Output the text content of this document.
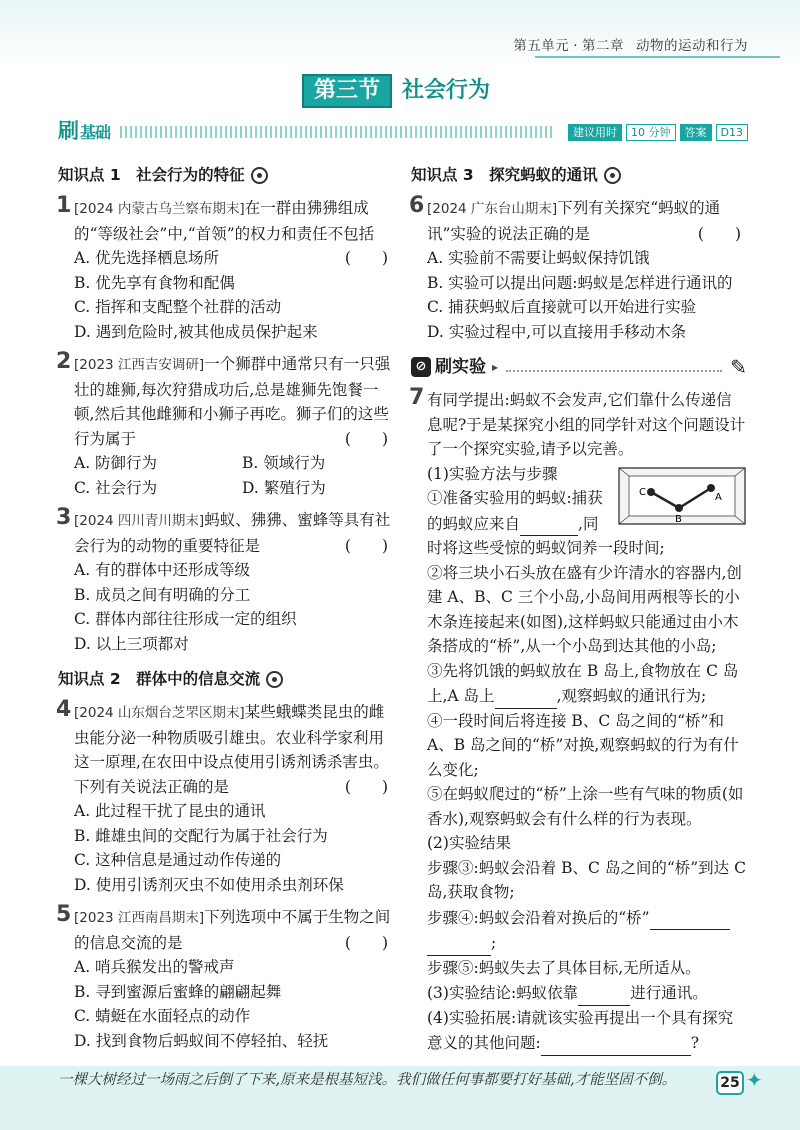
第五单元 · 第二章 动物的运动和行为
第三节	社会行为
刷 基础	建议用时	10 分钟	答案	D13
知识点 1　社会行为的特征
1 [2024 内蒙古乌兰察布期末]在一群由狒狒组成的“等级社会”中,“首领”的权力和责任不包括
(　　)
A. 优先选择栖息场所
B. 优先享有食物和配偶
C. 指挥和支配整个社群的活动
D. 遇到危险时,被其他成员保护起来
2 [2023 江西吉安调研]一个狮群中通常只有一只强壮的雄狮,每次狩猎成功后,总是雄狮先饱餐一顿,然后其他雌狮和小狮子再吃。狮子们的这些行为属于	(　　)
A. 防御行为	B. 领域行为
C. 社会行为	D. 繁殖行为
3 [2024 四川青川期末]蚂蚁、狒狒、蜜蜂等具有社会行为的动物的重要特征是	(　　)
A. 有的群体中还形成等级
B. 成员之间有明确的分工
C. 群体内部往往形成一定的组织
D. 以上三项都对
知识点 2　群体中的信息交流
4 [2024 山东烟台芝罘区期末]某些蛾蝶类昆虫的雌虫能分泌一种物质吸引雄虫。农业科学家利用这一原理,在农田中设点使用引诱剂诱杀害虫。下列有关说法正确的是	(　　)
A. 此过程干扰了昆虫的通讯
B. 雌雄虫间的交配行为属于社会行为
C. 这种信息是通过动作传递的
D. 使用引诱剂灭虫不如使用杀虫剂环保
5 [2023 江西南昌期末]下列选项中不属于生物之间的信息交流的是	(　　)
A. 哨兵猴发出的警戒声
B. 寻到蜜源后蜜蜂的翩翩起舞
C. 蜻蜓在水面轻点的动作
D. 找到食物后蚂蚁间不停轻拍、轻抚
知识点 3　探究蚂蚁的通讯
6 [2024 广东台山期末]下列有关探究“蚂蚁的通讯”实验的说法正确的是	(　　)
A. 实验前不需要让蚂蚁保持饥饿
B. 实验可以提出问题:蚂蚁是怎样进行通讯的
C. 捕获蚂蚁后直接就可以开始进行实验
D. 实验过程中,可以直接用手移动木条
⊘ 刷实验 ▸	✎
7 有同学提出:蚂蚁不会发声,它们靠什么传递信息呢?于是某探究小组的同学针对这个问题设计了一个探究实验,请予以完善。
C
B
A
(1)实验方法与步骤
①准备实验用的蚂蚁:捕获的蚂蚁应来自	,同时将这些受惊的蚂蚁饲养一段时间;
②将三块小石头放在盛有少许清水的容器内,创建 A、B、C 三个小岛,小岛间用两根等长的小木条连接起来(如图),这样蚂蚁只能通过由小木条搭成的“桥”,从一个小岛到达其他的小岛;
③先将饥饿的蚂蚁放在 B 岛上,食物放在 C 岛上,A 岛上	,观察蚂蚁的通讯行为;
④一段时间后将连接 B、C 岛之间的“桥”和 A、B 岛之间的“桥”对换,观察蚂蚁的行为有什么变化;
⑤在蚂蚁爬过的“桥”上涂一些有气味的物质(如香水),观察蚂蚁会有什么样的行为表现。
(2)实验结果
步骤③:蚂蚁会沿着 B、C 岛之间的“桥”到达 C 岛,获取食物;
步骤④:蚂蚁会沿着对换后的“桥”
;
步骤⑤:蚂蚁失去了具体目标,无所适从。
(3)实验结论:蚂蚁依靠	进行通讯。
(4)实验拓展:请就该实验再提出一个具有探究意义的其他问题:	?
一棵大树经过一场雨之后倒了下来,原来是根基短浅。我们做任何事都要打好基础,才能坚固不倒。	25 ✦
